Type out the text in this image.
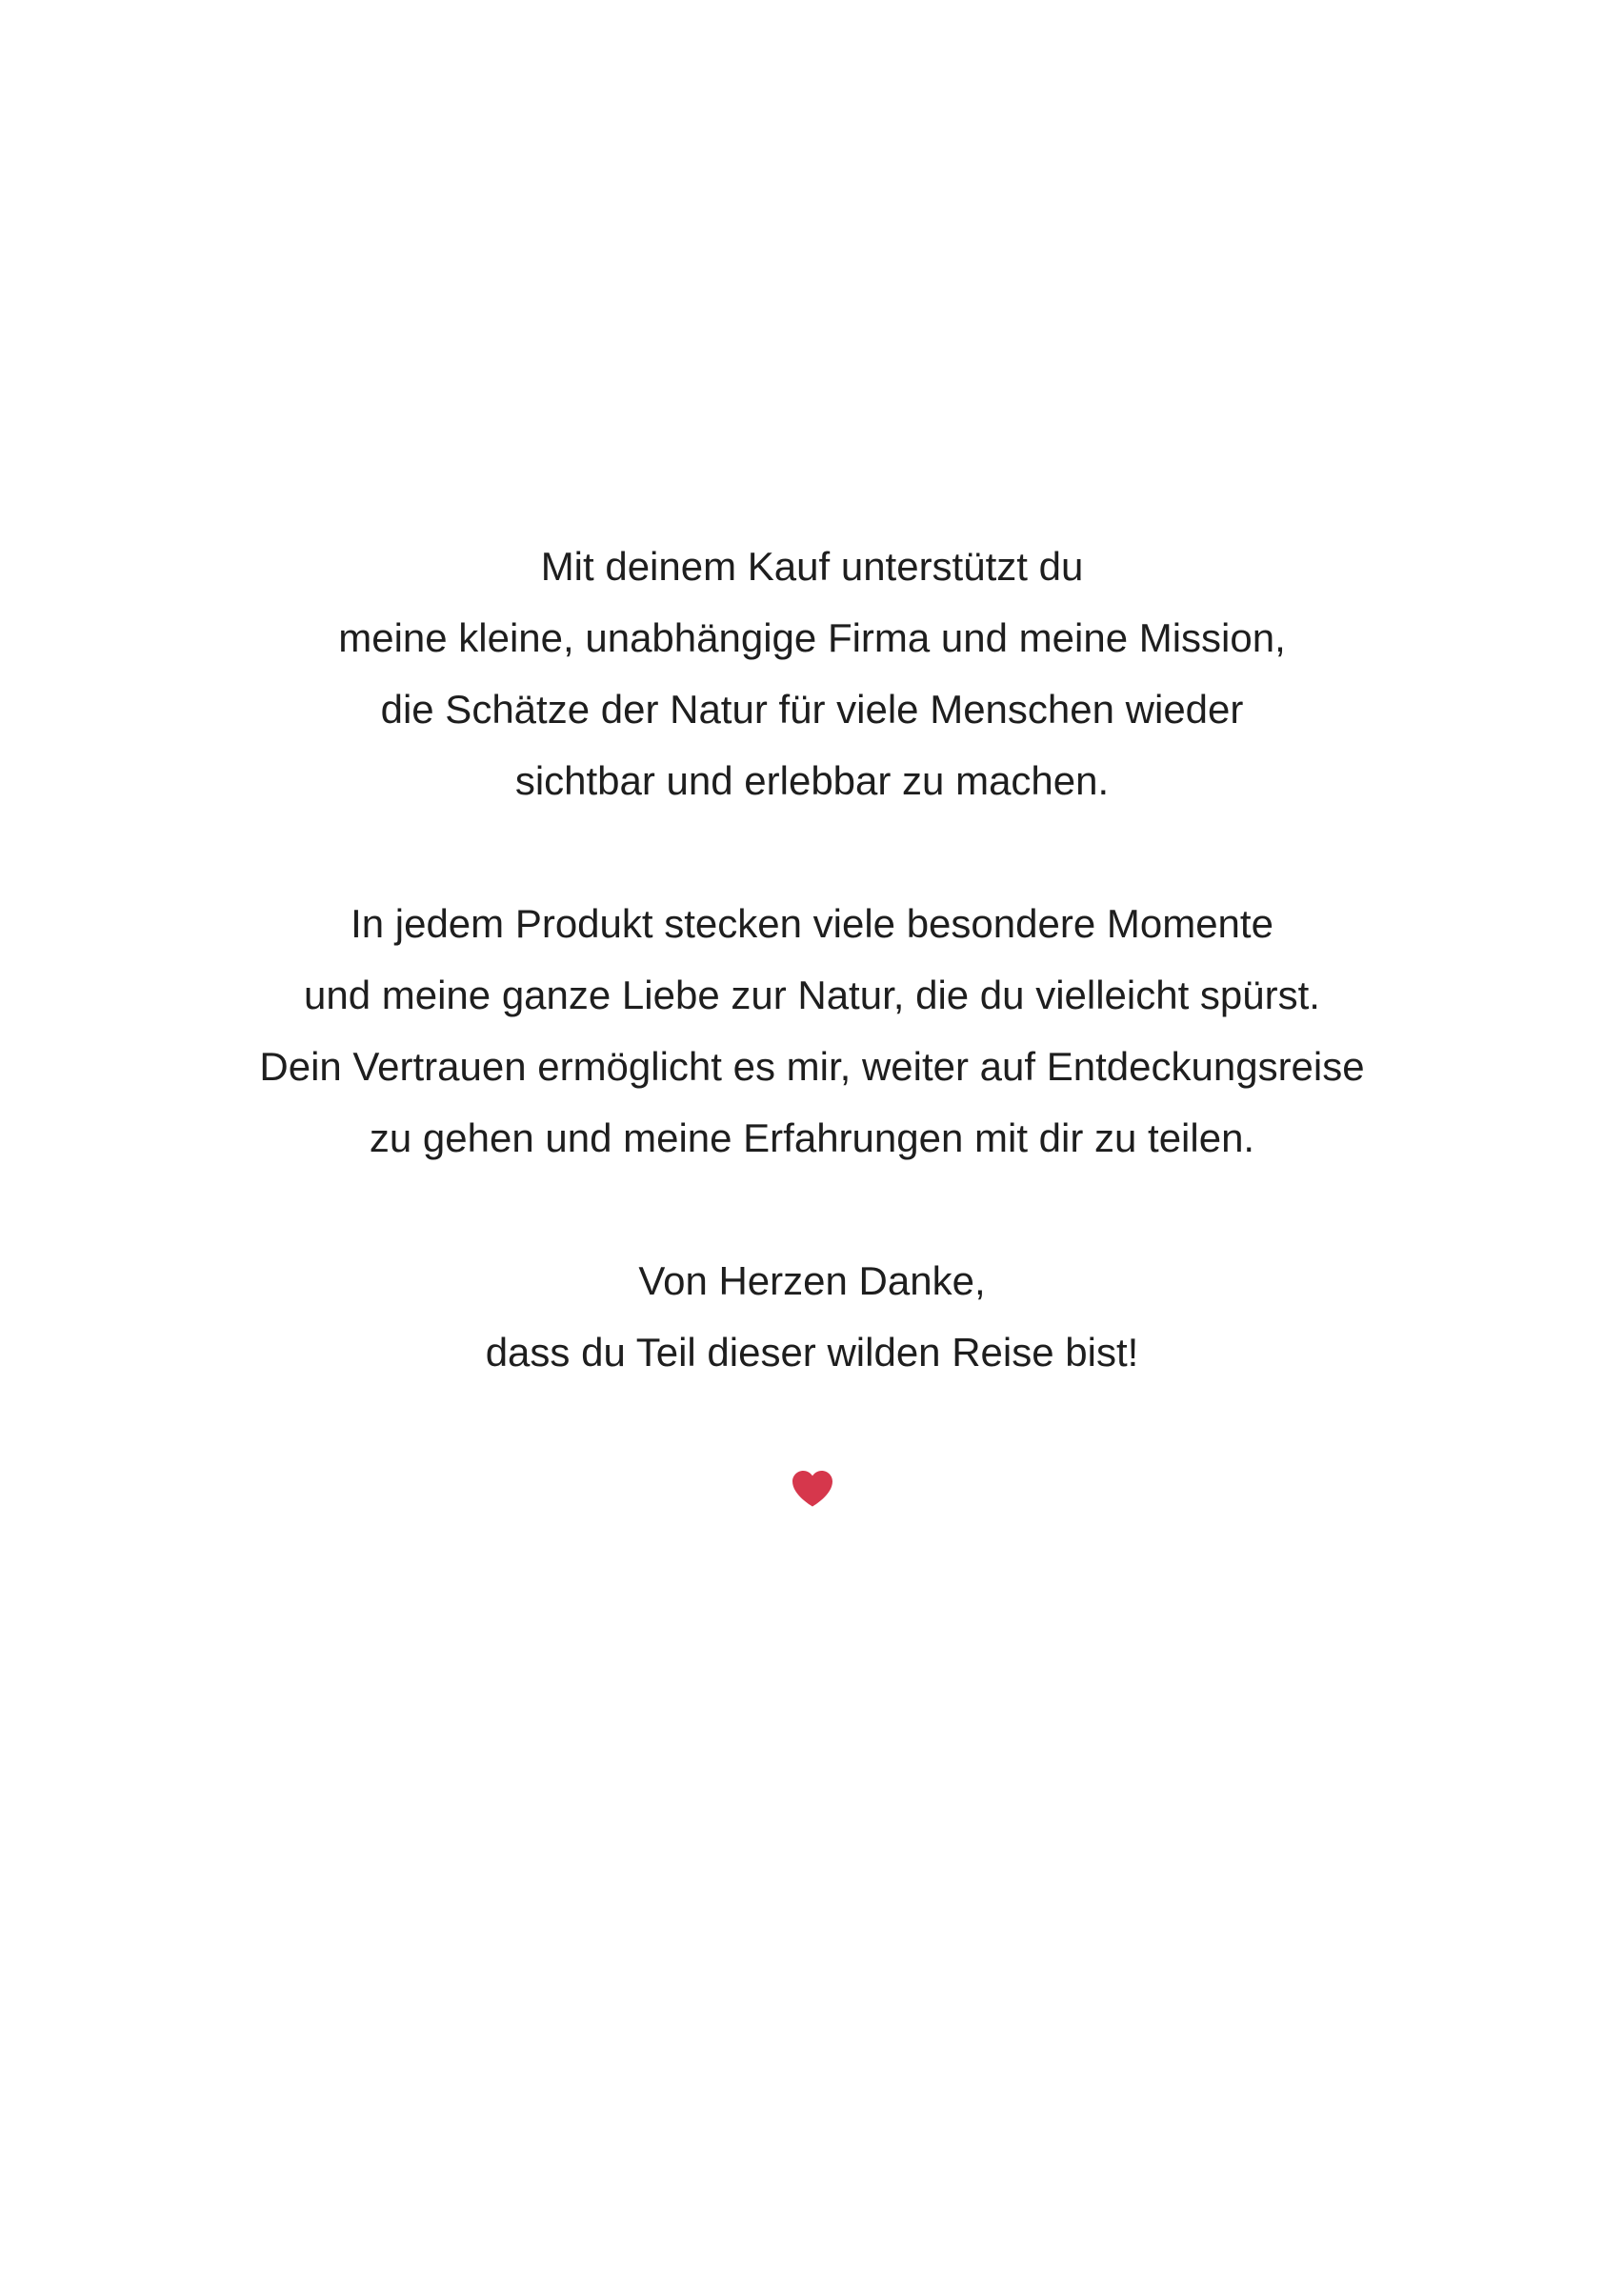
Mit deinem Kauf unterstützt du
meine kleine, unabhängige Firma und meine Mission,
die Schätze der Natur für viele Menschen wieder
sichtbar und erlebbar zu machen.
In jedem Produkt stecken viele besondere Momente
und meine ganze Liebe zur Natur, die du vielleicht spürst.
Dein Vertrauen ermöglicht es mir, weiter auf Entdeckungsreise
zu gehen und meine Erfahrungen mit dir zu teilen.
Von Herzen Danke,
dass du Teil dieser wilden Reise bist!
